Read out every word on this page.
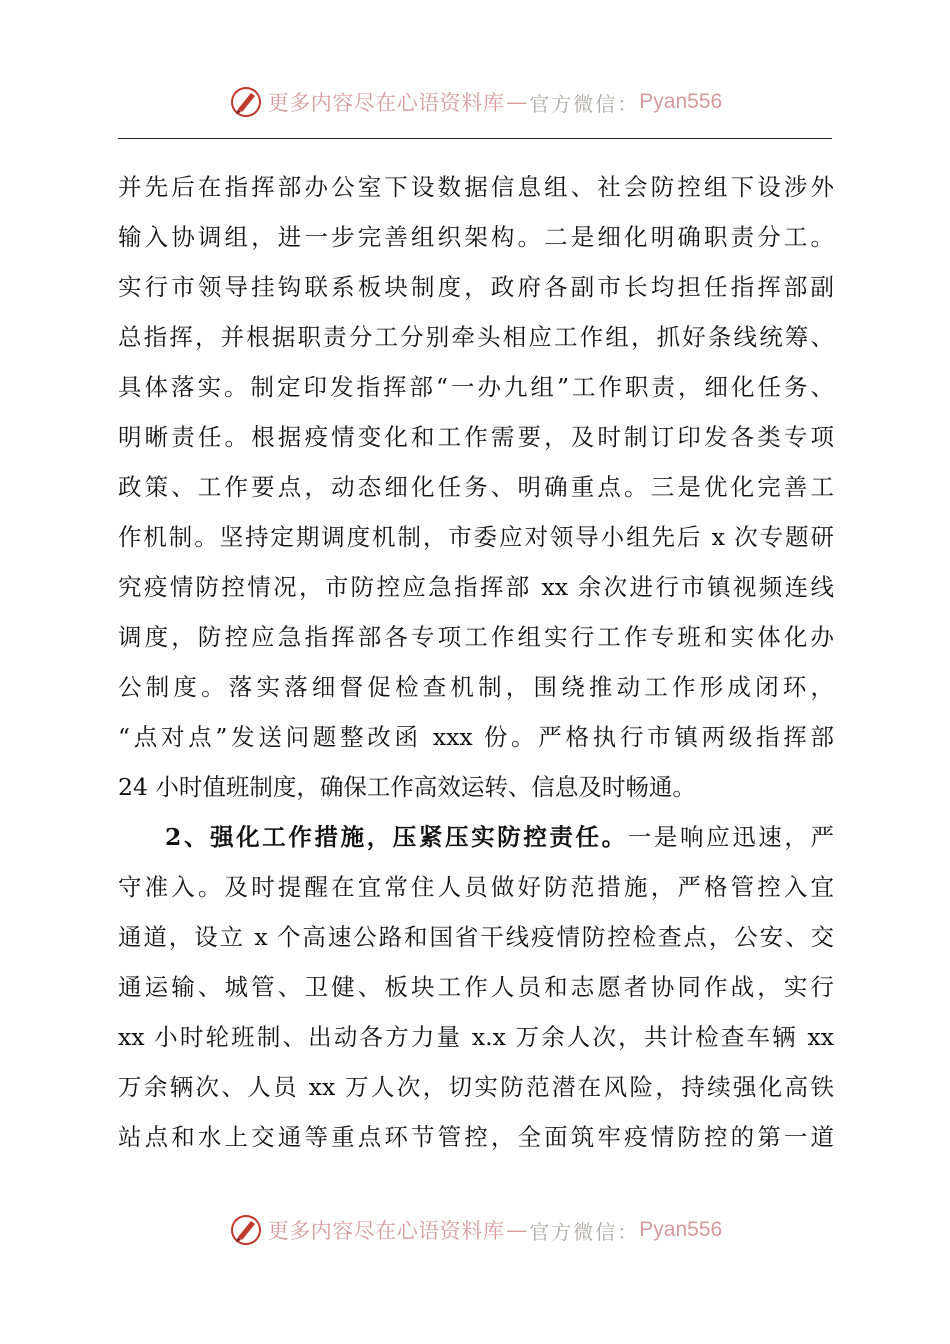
更多内容尽在心语资料库 — 官方微信： Pyan556
并先后在指挥部办公室下设数据信息组、社会防控组下设涉外
输入协调组，进一步完善组织架构。二是细化明确职责分工。
实行市领导挂钩联系板块制度，政府各副市长均担任指挥部副
总指挥，并根据职责分工分别牵头相应工作组，抓好条线统筹、
具体落实。制定印发指挥部“一办九组”工作职责，细化任务、
明晰责任。根据疫情变化和工作需要，及时制订印发各类专项
政策、工作要点，动态细化任务、明确重点。三是优化完善工
作机制。坚持定期调度机制，市委应对领导小组先后 x 次专题研
究疫情防控情况，市防控应急指挥部 xx 余次进行市镇视频连线
调度，防控应急指挥部各专项工作组实行工作专班和实体化办
公制度。落实落细督促检查机制，围绕推动工作形成闭环，
“点对点”发送问题整改函 xxx 份。严格执行市镇两级指挥部
24 小时值班制度，确保工作高效运转、信息及时畅通。
2、强化工作措施，压紧压实防控责任。一是响应迅速，严
守准入。及时提醒在宜常住人员做好防范措施，严格管控入宜
通道，设立 x 个高速公路和国省干线疫情防控检查点，公安、交
通运输、城管、卫健、板块工作人员和志愿者协同作战，实行
xx 小时轮班制、出动各方力量 x.x 万余人次，共计检查车辆 xx
万余辆次、人员 xx 万人次，切实防范潜在风险，持续强化高铁
站点和水上交通等重点环节管控，全面筑牢疫情防控的第一道
更多内容尽在心语资料库 — 官方微信： Pyan556
